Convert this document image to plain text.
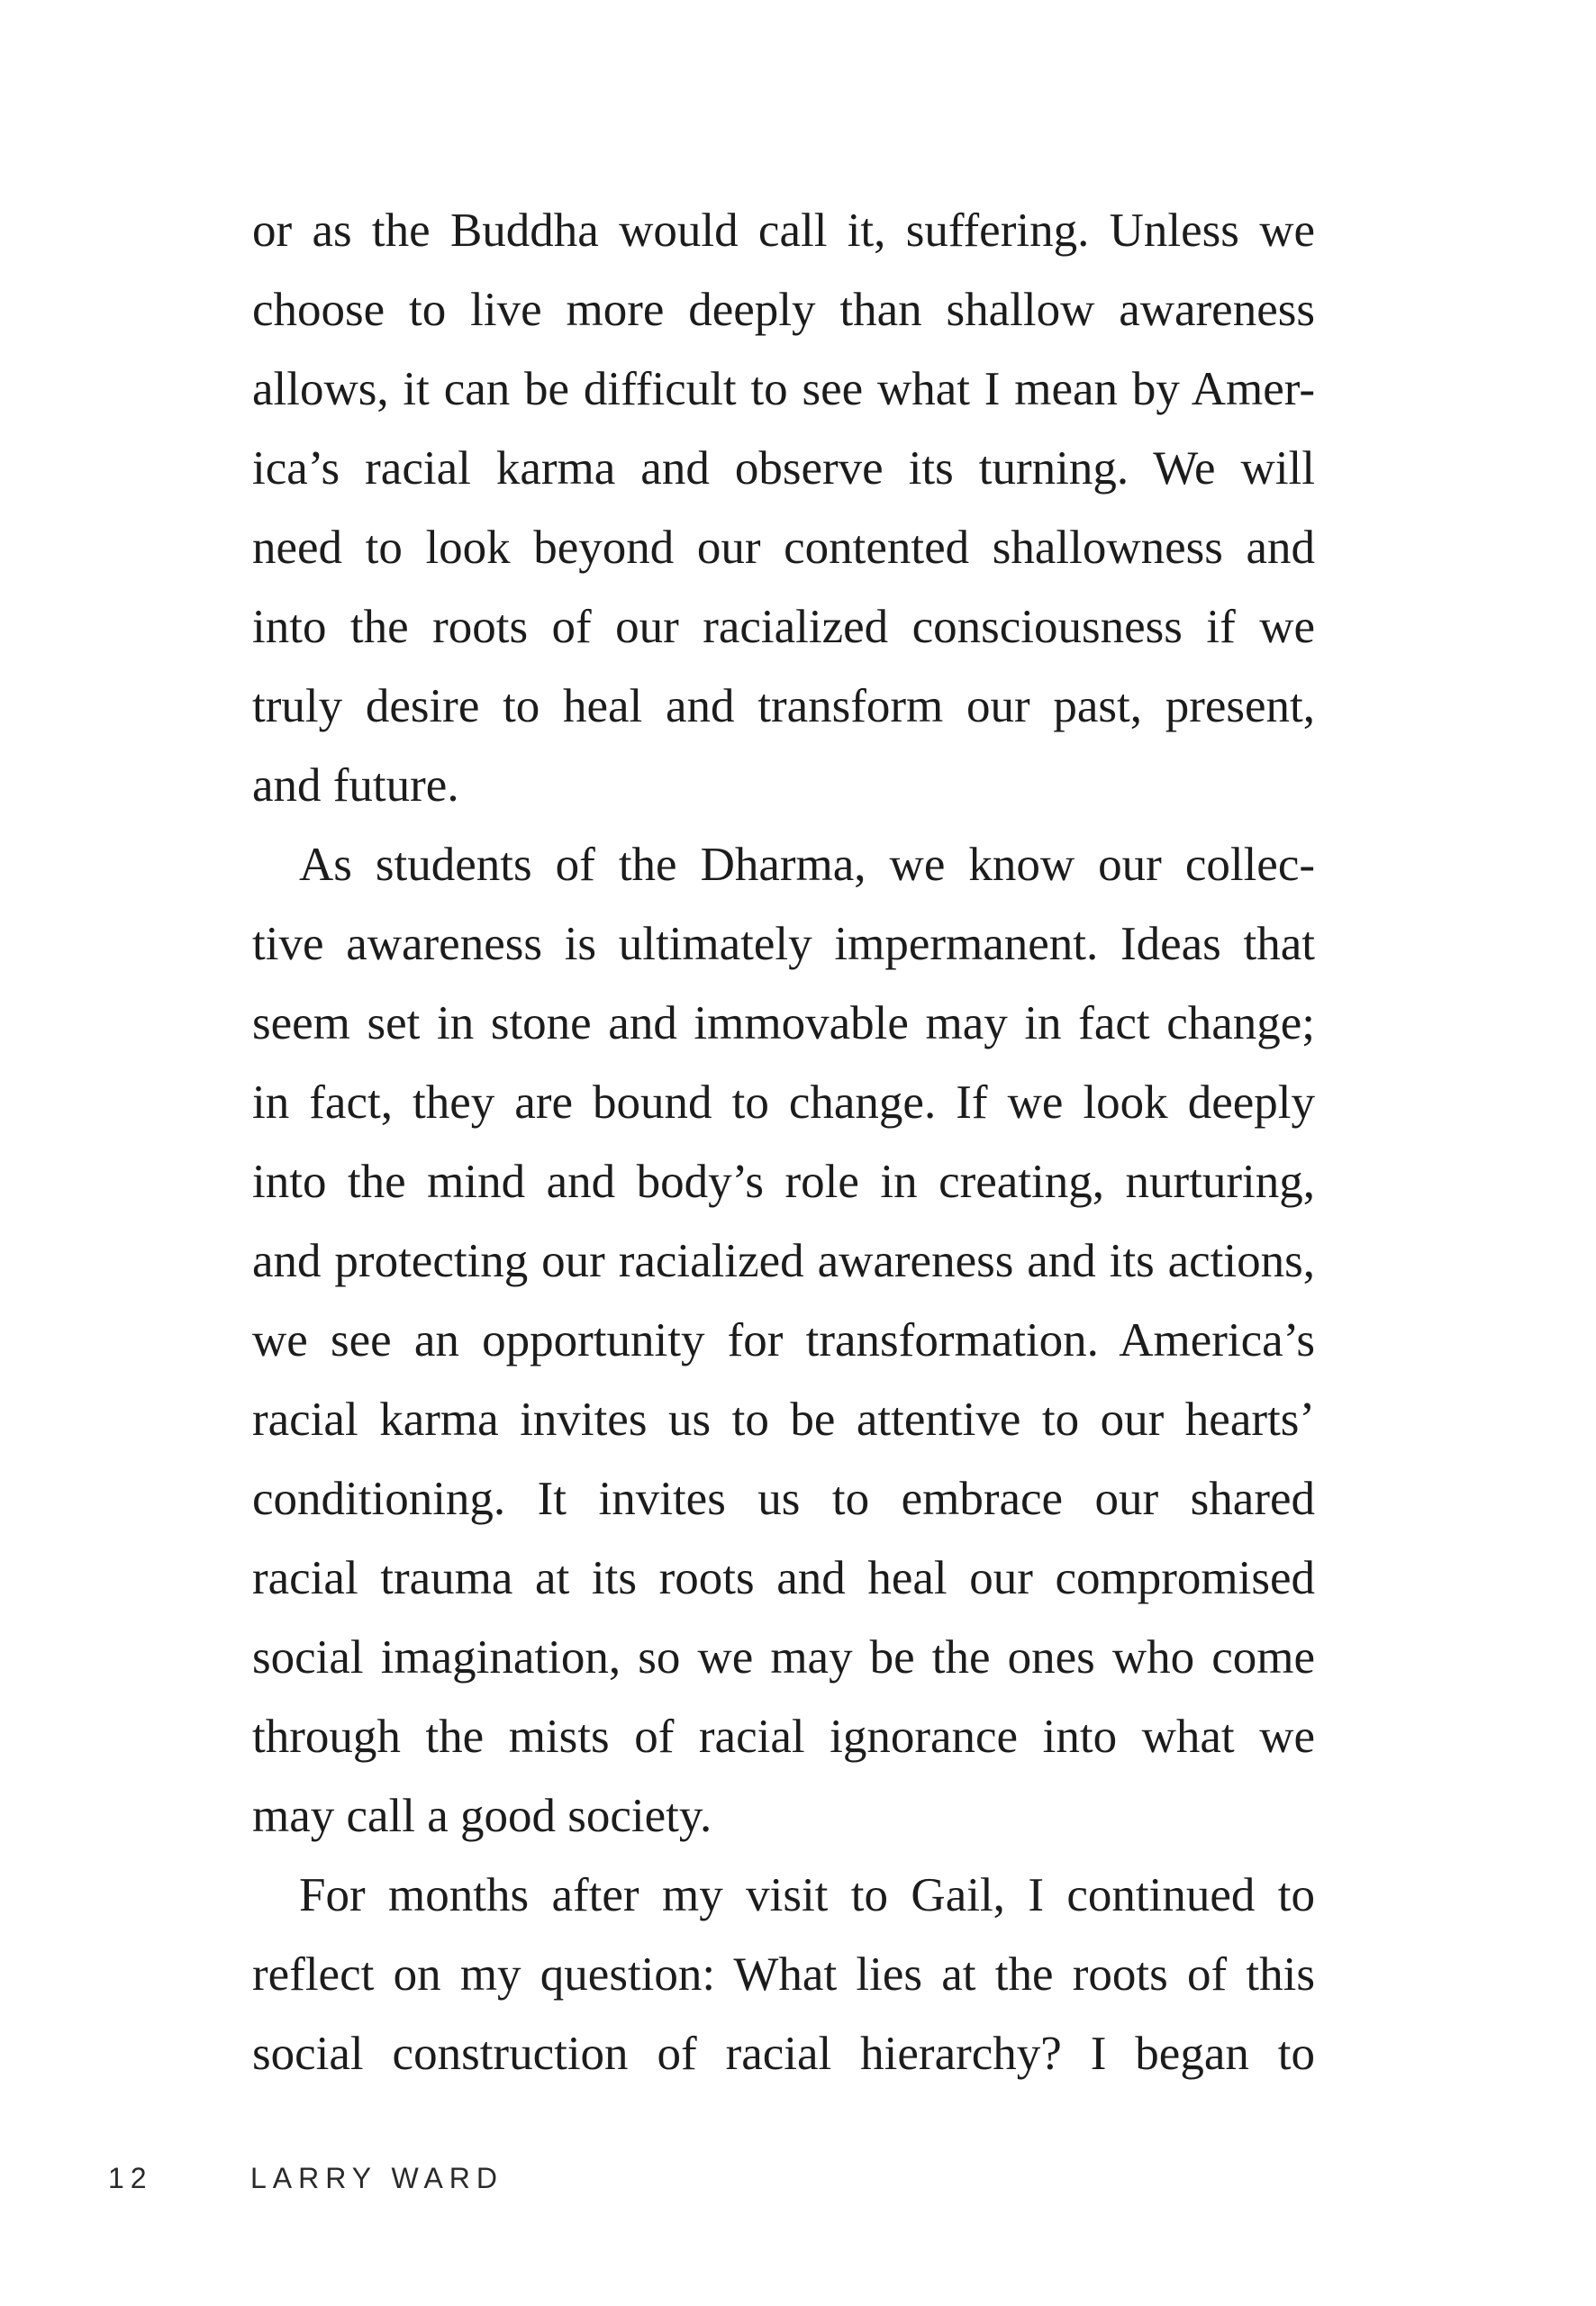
or as the Buddha would call it, suffering. Unless we
choose to live more deeply than shallow awareness
allows, it can be difficult to see what I mean by Amer-
ica’s racial karma and observe its turning. We will
need to look beyond our contented shallowness and
into the roots of our racialized consciousness if we
truly desire to heal and transform our past, present,
and future.
As students of the Dharma, we know our collec-
tive awareness is ultimately impermanent. Ideas that
seem set in stone and immovable may in fact change;
in fact, they are bound to change. If we look deeply
into the mind and body’s role in creating, nurturing,
and protecting our racialized awareness and its actions,
we see an opportunity for transformation. America’s
racial karma invites us to be attentive to our hearts’
conditioning. It invites us to embrace our shared
racial trauma at its roots and heal our compromised
social imagination, so we may be the ones who come
through the mists of racial ignorance into what we
may call a good society.
For months after my visit to Gail, I continued to
reflect on my question: What lies at the roots of this
social construction of racial hierarchy? I began to
12	LARRY WARD
